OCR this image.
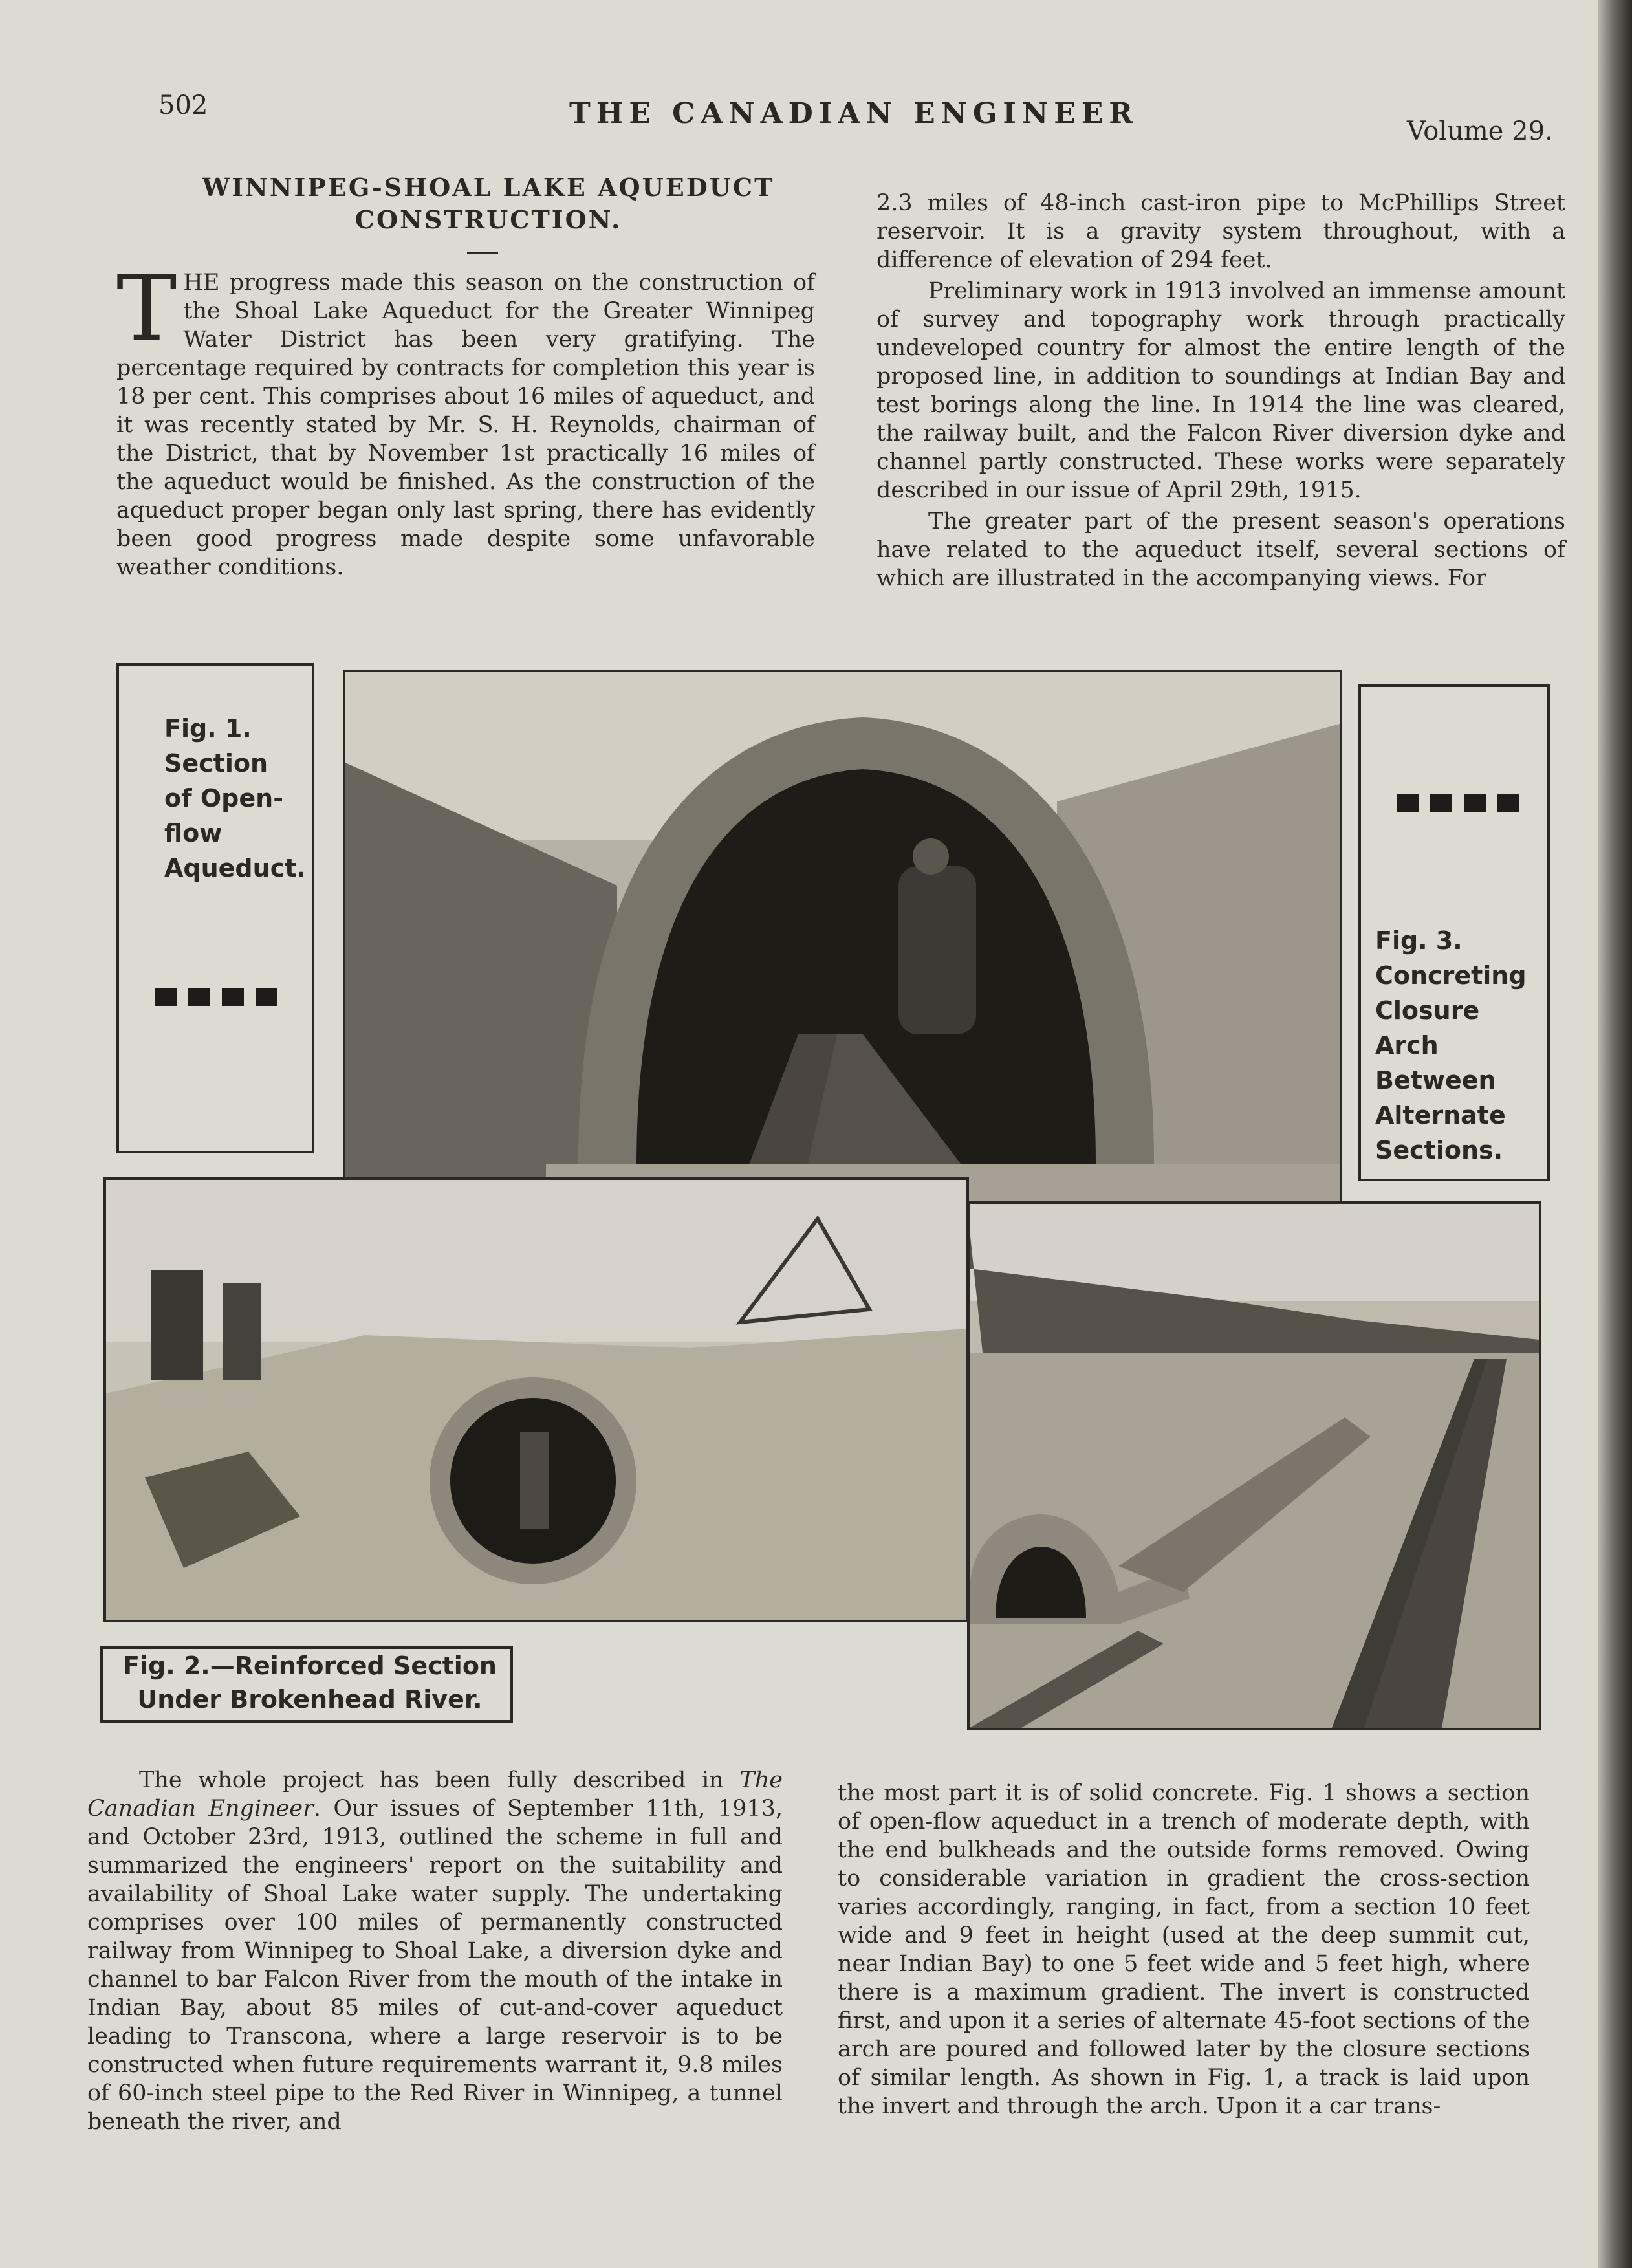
502	THE CANADIAN ENGINEER
Volume 29.
WINNIPEG-SHOAL LAKE AQUEDUCT
CONSTRUCTION.

THE progress made this season on the construction of the Shoal Lake Aqueduct for the Greater Winnipeg Water District has been very gratifying. The percentage required by contracts for completion this year is 18 per cent. This comprises about 16 miles of aqueduct, and it was recently stated by Mr. S. H. Reynolds, chairman of the District, that by November 1st practically 16 miles of the aqueduct would be finished. As the construction of the aqueduct proper began only last spring, there has evidently been good progress made despite some unfavorable weather conditions.

2.3 miles of 48-inch cast-iron pipe to McPhillips Street reservoir. It is a gravity system throughout, with a difference of elevation of 294 feet.

Preliminary work in 1913 involved an immense amount of survey and topography work through practically undeveloped country for almost the entire length of the proposed line, in addition to soundings at Indian Bay and test borings along the line. In 1914 the line was cleared, the railway built, and the Falcon River diversion dyke and channel partly constructed. These works were separately described in our issue of April 29th, 1915.

The greater part of the present season's operations have related to the aqueduct itself, several sections of which are illustrated in the accompanying views. For

Fig. 1. Section of Open-flow Aqueduct.
Fig. 3. Concreting Closure Arch Between Alternate Sections.
Fig. 2.—Reinforced Section Under Brokenhead River.

The whole project has been fully described in The Canadian Engineer. Our issues of September 11th, 1913, and October 23rd, 1913, outlined the scheme in full and summarized the engineers' report on the suitability and availability of Shoal Lake water supply. The undertaking comprises over 100 miles of permanently constructed railway from Winnipeg to Shoal Lake, a diversion dyke and channel to bar Falcon River from the mouth of the intake in Indian Bay, about 85 miles of cut-and-cover aqueduct leading to Transcona, where a large reservoir is to be constructed when future requirements warrant it, 9.8 miles of 60-inch steel pipe to the Red River in Winnipeg, a tunnel beneath the river, and

the most part it is of solid concrete. Fig. 1 shows a section of open-flow aqueduct in a trench of moderate depth, with the end bulkheads and the outside forms removed. Owing to considerable variation in gradient the cross-section varies accordingly, ranging, in fact, from a section 10 feet wide and 9 feet in height (used at the deep summit cut, near Indian Bay) to one 5 feet wide and 5 feet high, where there is a maximum gradient. The invert is constructed first, and upon it a series of alternate 45-foot sections of the arch are poured and followed later by the closure sections of similar length. As shown in Fig. 1, a track is laid upon the invert and through the arch. Upon it a car trans-
